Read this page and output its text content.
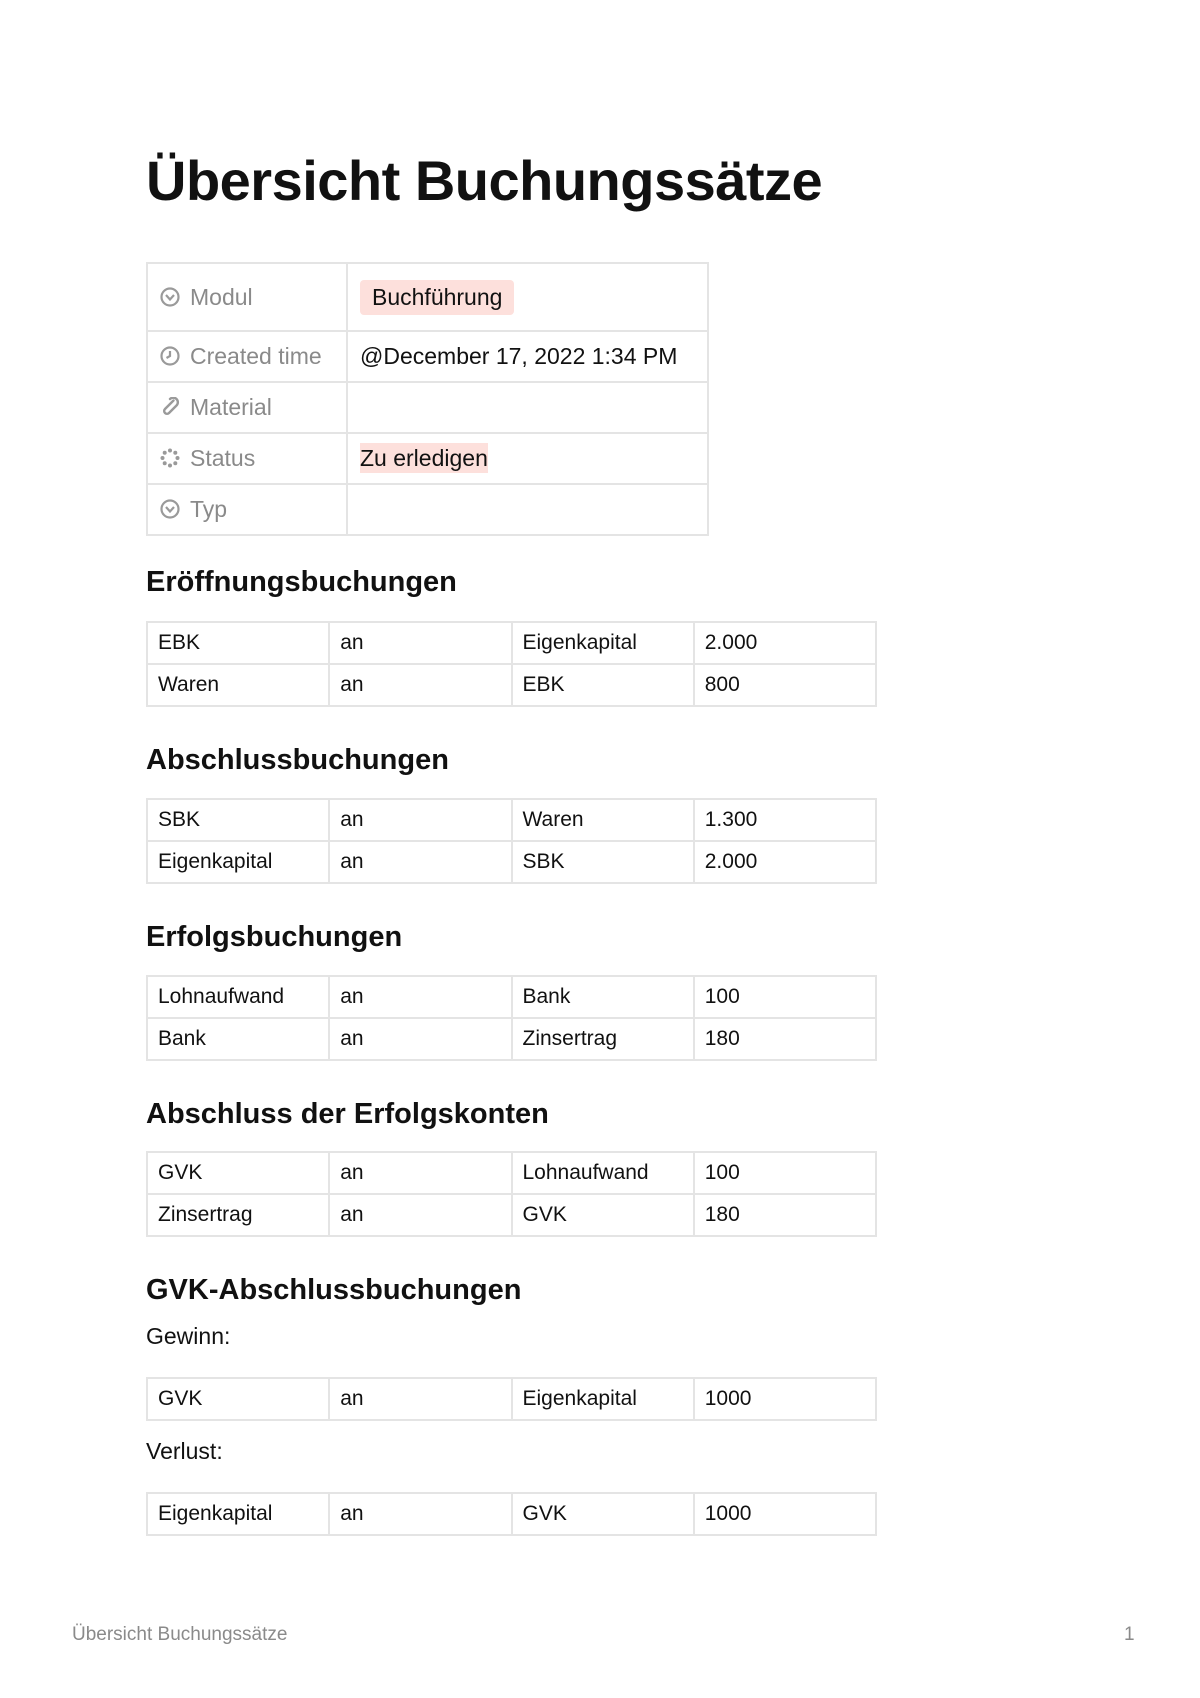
Übersicht Buchungssätze
Modul	Buchführung
Created time	@December 17, 2022 1:34 PM
Material	
Status	Zu erledigen
Typ	
Eröffnungsbuchungen
EBK	an	Eigenkapital	2.000
Waren	an	EBK	800
Abschlussbuchungen
SBK	an	Waren	1.300
Eigenkapital	an	SBK	2.000
Erfolgsbuchungen
Lohnaufwand	an	Bank	100
Bank	an	Zinsertrag	180
Abschluss der Erfolgskonten
GVK	an	Lohnaufwand	100
Zinsertrag	an	GVK	180
GVK-Abschlussbuchungen

Gewinn:

GVK	an	Eigenkapital	1000

Verlust:

Eigenkapital	an	GVK	1000
Übersicht Buchungssätze	1
